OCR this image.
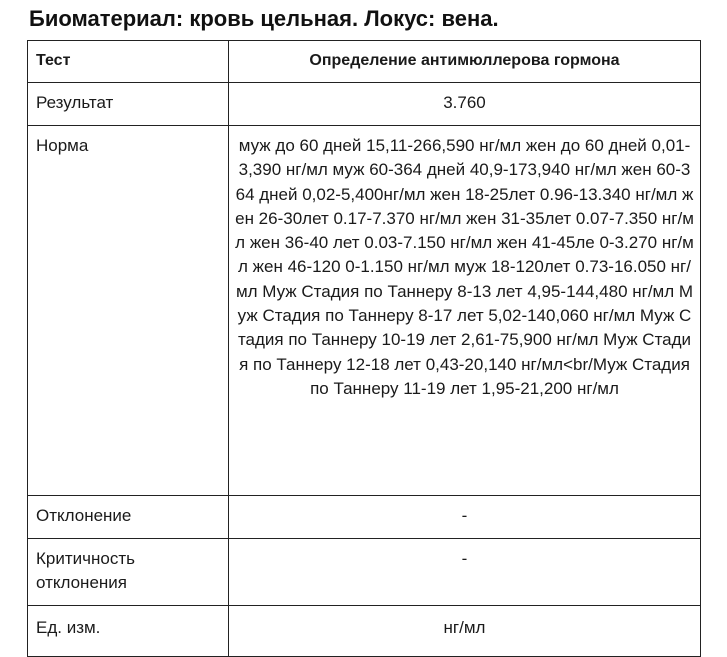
Биоматериал: кровь цельная. Локус: вена.
Тест	Определение антимюллерова гормона
Результат	3.760
Норма	муж до 60 дней 15,11-266,590 нг/мл жен до 60 дней 0,01-3,390 нг/мл муж 60-364 дней 40,9-173,940 нг/мл жен 60-364 дней 0,02-5,400нг/мл жен 18-25лет 0.96-13.340 нг/мл жен 26-30лет 0.17-7.370 нг/мл жен 31-35лет 0.07-7.350 нг/мл жен 36-40 лет 0.03-7.150 нг/мл жен 41-45ле 0-3.270 нг/мл жен 46-120 0-1.150 нг/мл муж 18-120лет 0.73-16.050 нг/мл Муж Стадия по Таннеру 8-13 лет 4,95-144,480 нг/мл Муж Стадия по Таннеру 8-17 лет 5,02-140,060 нг/мл Муж Стадия по Таннеру 10-19 лет 2,61-75,900 нг/мл Муж Стадия по Таннеру 12-18 лет 0,43-20,140 нг/мл<br/Муж Стадия по Таннеру 11-19 лет 1,95-21,200 нг/мл
Отклонение	-
Критичность отклонения	-
Ед. изм.	нг/мл
